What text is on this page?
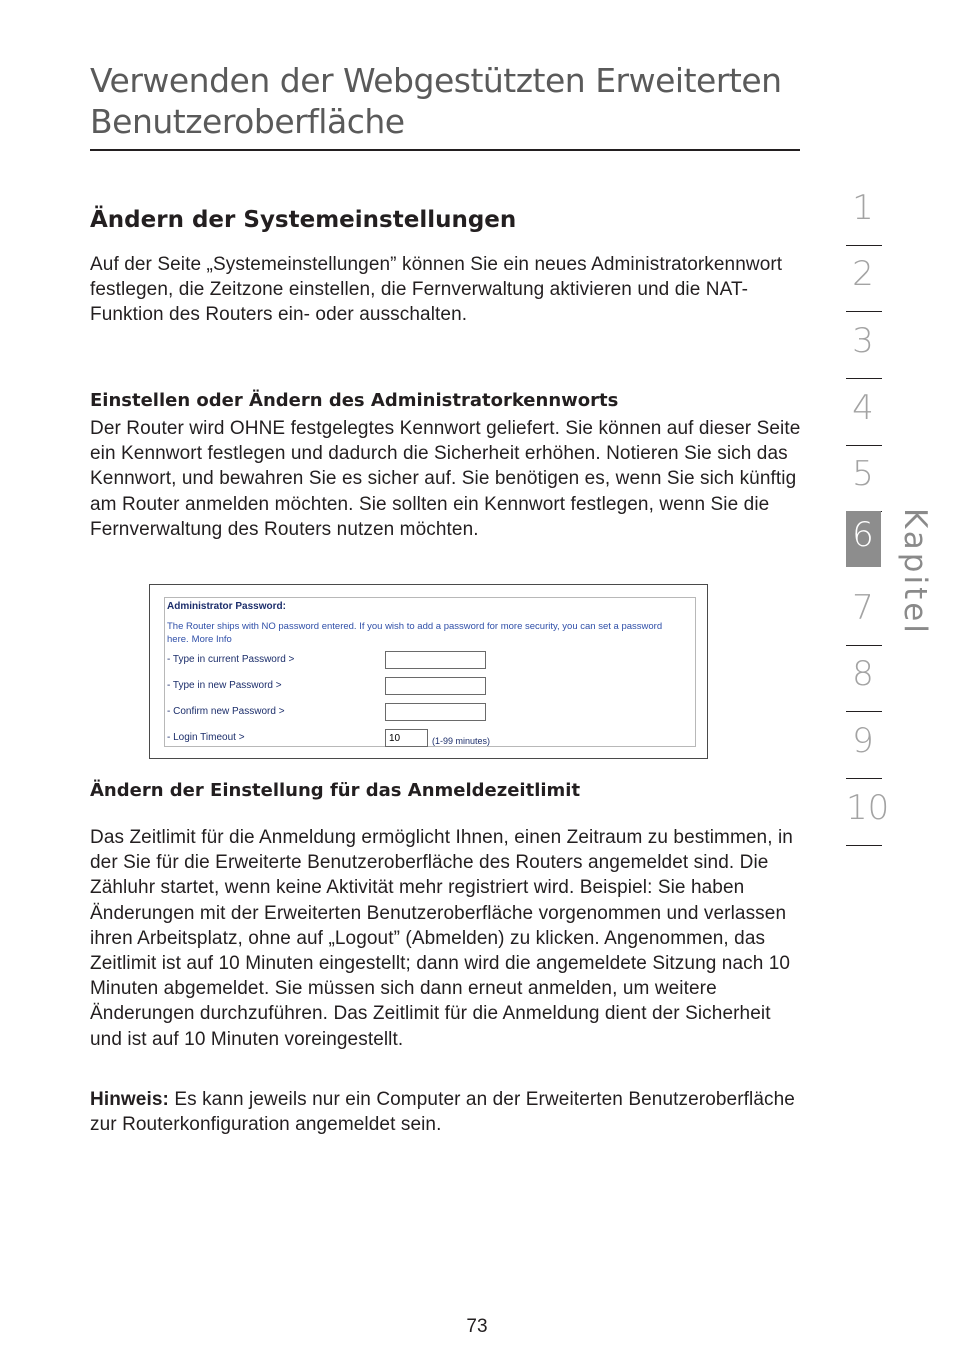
Verwenden der Webgestützten Erweiterten
Benutzeroberfläche
Ändern der Systemeinstellungen

Auf der Seite „Systemeinstellungen” können Sie ein neues Administratorkennwort festlegen, die Zeitzone einstellen, die Fernverwaltung aktivieren und die NAT-Funktion des Routers ein- oder ausschalten.

Einstellen oder Ändern des Administratorkennworts

Der Router wird OHNE festgelegtes Kennwort geliefert. Sie können auf dieser Seite ein Kennwort festlegen und dadurch die Sicherheit erhöhen. Notieren Sie sich das Kennwort, und bewahren Sie es sicher auf. Sie benötigen es, wenn Sie sich künftig am Router anmelden möchten. Sie sollten ein Kennwort festlegen, wenn Sie die Fernverwaltung des Routers nutzen möchten.

Administrator Password:
The Router ships with NO password entered. If you wish to add a password for more security, you can set a password here. More Info
- Type in current Password >
- Type in new Password >
- Confirm new Password >
- Login Timeout >
10	(1-99 minutes)
Ändern der Einstellung für das Anmeldezeitlimit

Das Zeitlimit für die Anmeldung ermöglicht Ihnen, einen Zeitraum zu bestimmen, in der Sie für die Erweiterte Benutzeroberfläche des Routers angemeldet sind. Die Zähluhr startet, wenn keine Aktivität mehr registriert wird. Beispiel: Sie haben Änderungen mit der Erweiterten Benutzeroberfläche vorgenommen und verlassen ihren Arbeitsplatz, ohne auf „Logout” (Abmelden) zu klicken. Angenommen, das Zeitlimit ist auf 10 Minuten eingestellt; dann wird die angemeldete Sitzung nach 10 Minuten abgemeldet. Sie müssen sich dann erneut anmelden, um weitere Änderungen durchzuführen. Das Zeitlimit für die Anmeldung dient der Sicherheit und ist auf 10 Minuten voreingestellt.

Hinweis: Es kann jeweils nur ein Computer an der Erweiterten Benutzeroberfläche zur Routerkonfiguration angemeldet sein.

1
2
3
4
5
6
7
8
9
10
Kapitel
73
